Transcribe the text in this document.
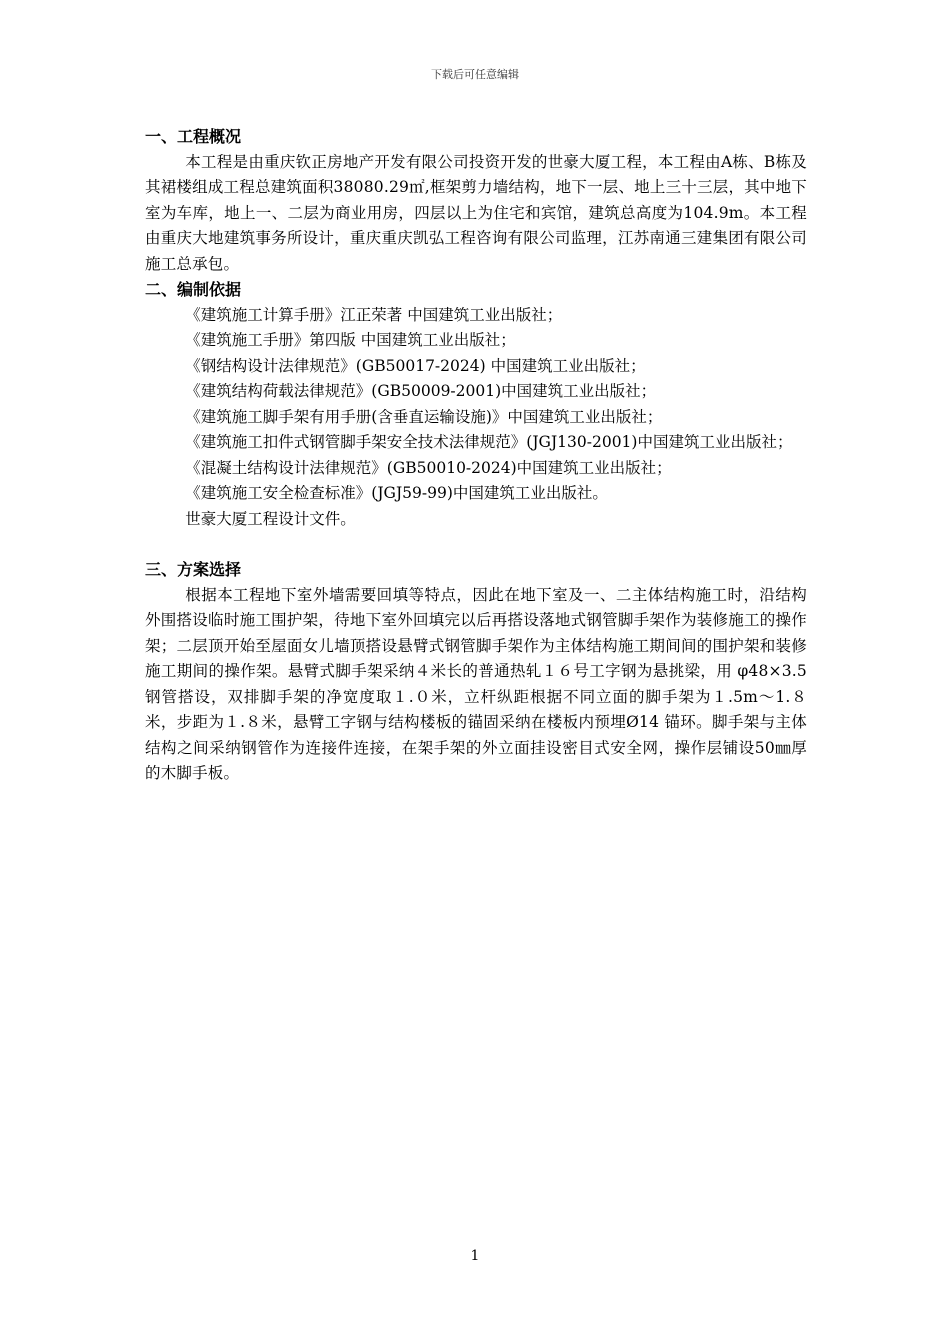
下载后可任意编辑
一、工程概况

本工程是由重庆钦正房地产开发有限公司投资开发的世豪大厦工程，本工程由A栋、B栋及其裙楼组成工程总建筑面积38080.29㎡,框架剪力墙结构，地下一层、地上三十三层，其中地下室为车库，地上一、二层为商业用房，四层以上为住宅和宾馆，建筑总高度为104.9m。本工程由重庆大地建筑事务所设计，重庆重庆凯弘工程咨询有限公司监理，江苏南通三建集团有限公司施工总承包。

二、编制依据

《建筑施工计算手册》江正荣著 中国建筑工业出版社；

《建筑施工手册》第四版 中国建筑工业出版社；

《钢结构设计法律规范》(GB50017-2024) 中国建筑工业出版社；

《建筑结构荷载法律规范》(GB50009-2001)中国建筑工业出版社；

《建筑施工脚手架有用手册(含垂直运输设施)》中国建筑工业出版社；

《建筑施工扣件式钢管脚手架安全技术法律规范》(JGJ130-2001)中国建筑工业出版社；

《混凝土结构设计法律规范》(GB50010-2024)中国建筑工业出版社；

《建筑施工安全检查标准》(JGJ59-99)中国建筑工业出版社。

世豪大厦工程设计文件。

三、方案选择

根据本工程地下室外墙需要回填等特点，因此在地下室及一、二主体结构施工时，沿结构外围搭设临时施工围护架，待地下室外回填完以后再搭设落地式钢管脚手架作为装修施工的操作架；二层顶开始至屋面女儿墙顶搭设悬臂式钢管脚手架作为主体结构施工期间间的围护架和装修施工期间的操作架。悬臂式脚手架采纳４米长的普通热轧１６号工字钢为悬挑梁，用 φ48×3.5 钢管搭设，双排脚手架的净宽度取１.０米，立杆纵距根据不同立面的脚手架为１.5m～1.８米，步距为１.８米，悬臂工字钢与结构楼板的锚固采纳在楼板内预埋Ø14 锚环。脚手架与主体结构之间采纳钢管作为连接件连接，在架手架的外立面挂设密目式安全网，操作层铺设50㎜厚的木脚手板。

1
